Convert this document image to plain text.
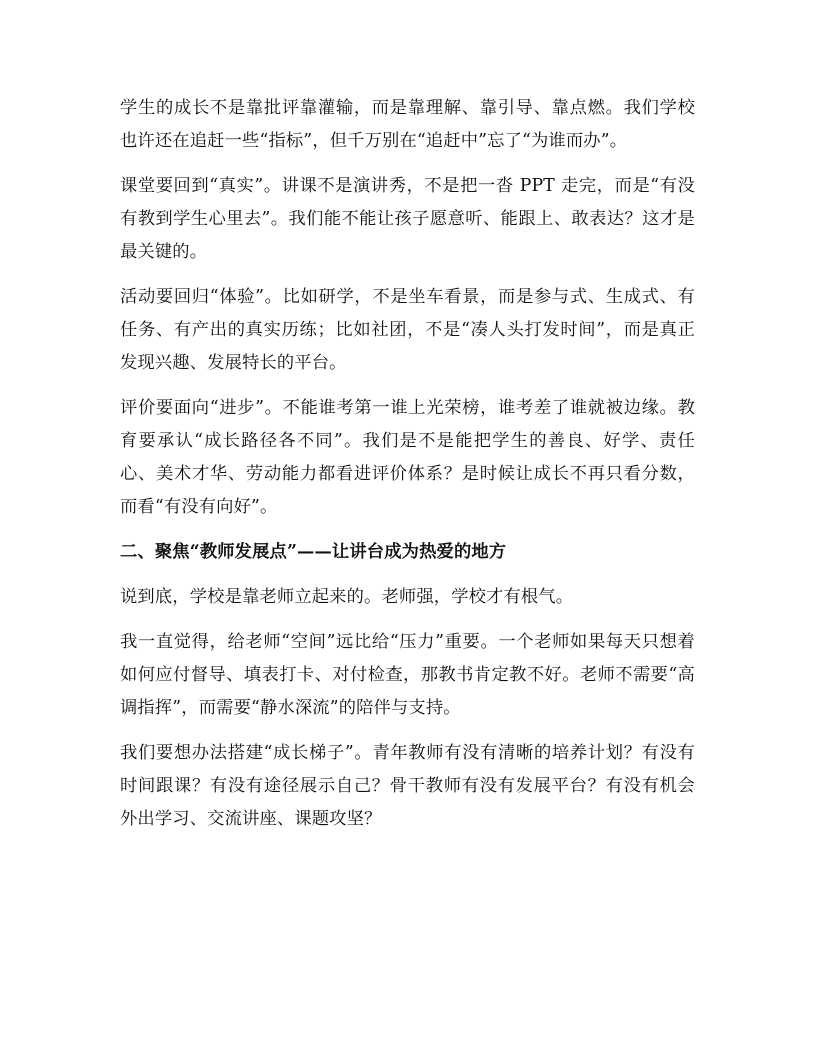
学生的成长不是靠批评靠灌输，而是靠理解、靠引导、靠点燃。我们学校也许还在追赶一些“指标”，但千万别在“追赶中”忘了“为谁而办”。

课堂要回到“真实”。讲课不是演讲秀，不是把一沓 PPT 走完，而是“有没有教到学生心里去”。我们能不能让孩子愿意听、能跟上、敢表达？这才是最关键的。

活动要回归“体验”。比如研学，不是坐车看景，而是参与式、生成式、有任务、有产出的真实历练；比如社团，不是“凑人头打发时间”，而是真正发现兴趣、发展特长的平台。

评价要面向“进步”。不能谁考第一谁上光荣榜，谁考差了谁就被边缘。教育要承认“成长路径各不同”。我们是不是能把学生的善良、好学、责任心、美术才华、劳动能力都看进评价体系？是时候让成长不再只看分数，而看“有没有向好”。

二、聚焦“教师发展点”——让讲台成为热爱的地方

说到底，学校是靠老师立起来的。老师强，学校才有根气。

我一直觉得，给老师“空间”远比给“压力”重要。一个老师如果每天只想着如何应付督导、填表打卡、对付检查，那教书肯定教不好。老师不需要“高调指挥”，而需要“静水深流”的陪伴与支持。

我们要想办法搭建“成长梯子”。青年教师有没有清晰的培养计划？有没有时间跟课？有没有途径展示自己？骨干教师有没有发展平台？有没有机会外出学习、交流讲座、课题攻坚？
